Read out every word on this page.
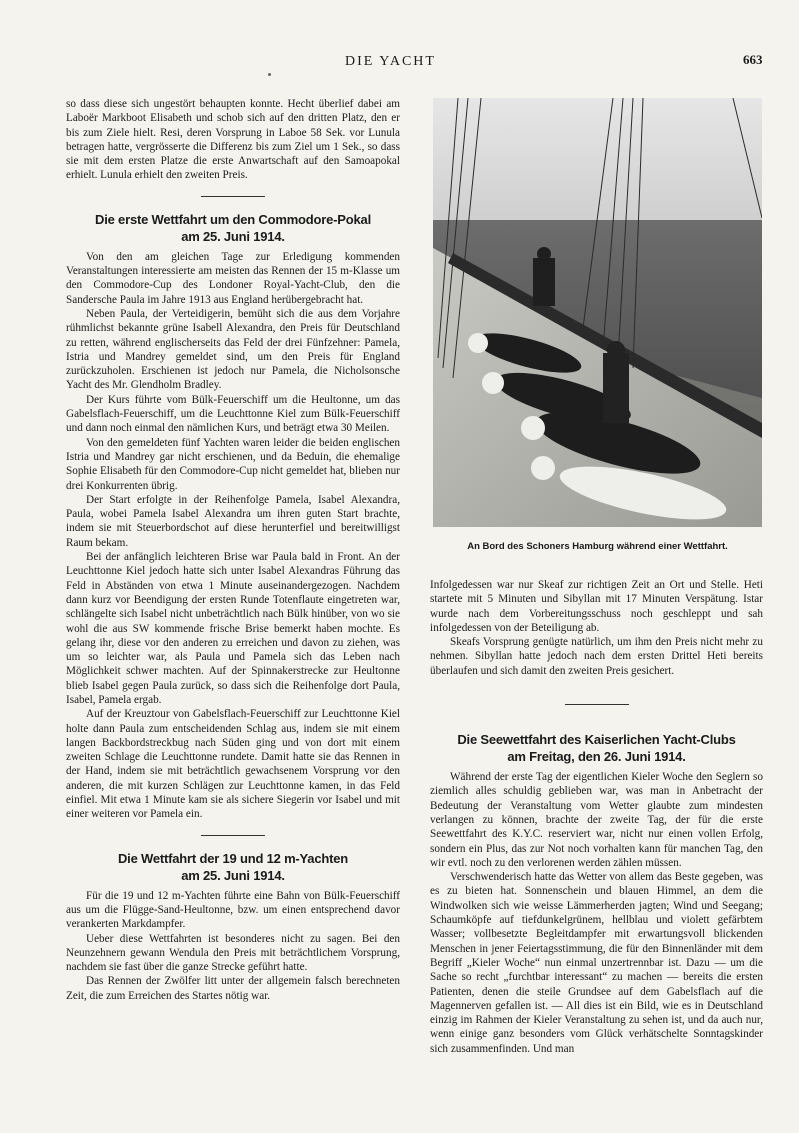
DIE YACHT	663

so dass diese sich ungestört behaupten konnte. Hecht überlief dabei am Laboër Markboot Elisabeth und schob sich auf den dritten Platz, den er bis zum Ziele hielt. Resi, deren Vorsprung in Laboe 58 Sek. vor Lunula betragen hatte, vergrösserte die Differenz bis zum Ziel um 1 Sek., so dass sie mit dem ersten Platze die erste Anwartschaft auf den Samoapokal erhielt. Lunula erhielt den zweiten Preis.

Die erste Wettfahrt um den Commodore-Pokal
am 25. Juni 1914.

Von den am gleichen Tage zur Erledigung kommenden Veranstaltungen interessierte am meisten das Rennen der 15 m-Klasse um den Commodore-Cup des Londoner Royal-Yacht-Club, den die Sandersche Paula im Jahre 1913 aus England herübergebracht hat.

Neben Paula, der Verteidigerin, bemüht sich die aus dem Vorjahre rühmlichst bekannte grüne Isabell Alexandra, den Preis für Deutschland zu retten, während englischerseits das Feld der drei Fünfzehner: Pamela, Istria und Mandrey gemeldet sind, um den Preis für England zurückzuholen. Erschienen ist jedoch nur Pamela, die Nicholsonsche Yacht des Mr. Glendholm Bradley.

Der Kurs führte vom Bülk-Feuerschiff um die Heultonne, um das Gabelsflach-Feuerschiff, um die Leuchttonne Kiel zum Bülk-Feuerschiff und dann noch einmal den nämlichen Kurs, und beträgt etwa 30 Meilen.

Von den gemeldeten fünf Yachten waren leider die beiden englischen Istria und Mandrey gar nicht erschienen, und da Beduin, die ehemalige Sophie Elisabeth für den Commodore-Cup nicht gemeldet hat, blieben nur drei Konkurrenten übrig.

Der Start erfolgte in der Reihenfolge Pamela, Isabel Alexandra, Paula, wobei Pamela Isabel Alexandra um ihren guten Start brachte, indem sie mit Steuerbordschot auf diese herunterfiel und bereitwilligst Raum bekam.

Bei der anfänglich leichteren Brise war Paula bald in Front. An der Leuchttonne Kiel jedoch hatte sich unter Isabel Alexandras Führung das Feld in Abständen von etwa 1 Minute auseinandergezogen. Nachdem dann kurz vor Beendigung der ersten Runde Totenflaute eingetreten war, schlängelte sich Isabel nicht unbeträchtlich nach Bülk hinüber, von wo sie wohl die aus SW kommende frische Brise bemerkt haben mochte. Es gelang ihr, diese vor den anderen zu erreichen und davon zu ziehen, was um so leichter war, als Paula und Pamela sich das Leben nach Möglichkeit schwer machten. Auf der Spinnakerstrecke zur Heultonne blieb Isabel gegen Paula zurück, so dass sich die Reihenfolge dort Paula, Isabel, Pamela ergab.

Auf der Kreuztour von Gabelsflach-Feuerschiff zur Leuchttonne Kiel holte dann Paula zum entscheidenden Schlag aus, indem sie mit einem langen Backbordstreckbug nach Süden ging und von dort mit einem zweiten Schlage die Leuchttonne rundete. Damit hatte sie das Rennen in der Hand, indem sie mit beträchtlich gewachsenem Vorsprung vor den anderen, die mit kurzen Schlägen zur Leuchttonne kamen, in das Feld einfiel. Mit etwa 1 Minute kam sie als sichere Siegerin vor Isabel und mit einer weiteren vor Pamela ein.

Die Wettfahrt der 19 und 12 m-Yachten
am 25. Juni 1914.

Für die 19 und 12 m-Yachten führte eine Bahn von Bülk-Feuerschiff aus um die Flügge-Sand-Heultonne, bzw. um einen entsprechend davor verankerten Markdampfer.

Ueber diese Wettfahrten ist besonderes nicht zu sagen. Bei den Neunzehnern gewann Wendula den Preis mit beträchtlichem Vorsprung, nachdem sie fast über die ganze Strecke geführt hatte.

Das Rennen der Zwölfer litt unter der allgemein falsch berechneten Zeit, die zum Erreichen des Startes nötig war.

An Bord des Schoners Hamburg während einer Wettfahrt.

Infolgedessen war nur Skeaf zur richtigen Zeit an Ort und Stelle. Heti startete mit 5 Minuten und Sibyllan mit 17 Minuten Verspätung. Istar wurde nach dem Vorbereitungsschuss noch geschleppt und sah infolgedessen von der Beteiligung ab.

Skeafs Vorsprung genügte natürlich, um ihm den Preis nicht mehr zu nehmen. Sibyllan hatte jedoch nach dem ersten Drittel Heti bereits überlaufen und sich damit den zweiten Preis gesichert.

Die Seewettfahrt des Kaiserlichen Yacht-Clubs
am Freitag, den 26. Juni 1914.

Während der erste Tag der eigentlichen Kieler Woche den Seglern so ziemlich alles schuldig geblieben war, was man in Anbetracht der Bedeutung der Veranstaltung vom Wetter glaubte zum mindesten verlangen zu können, brachte der zweite Tag, der für die erste Seewettfahrt des K.Y.C. reserviert war, nicht nur einen vollen Erfolg, sondern ein Plus, das zur Not noch vorhalten kann für manchen Tag, den wir evtl. noch zu den verlorenen werden zählen müssen.

Verschwenderisch hatte das Wetter von allem das Beste gegeben, was es zu bieten hat. Sonnenschein und blauen Himmel, an dem die Windwolken sich wie weisse Lämmerherden jagten; Wind und Seegang; Schaumköpfe auf tiefdunkelgrünem, hellblau und violett gefärbtem Wasser; vollbesetzte Begleitdampfer mit erwartungsvoll blickenden Menschen in jener Feiertagsstimmung, die für den Binnenländer mit dem Begriff „Kieler Woche“ nun einmal unzertrennbar ist. Dazu — um die Sache so recht „furchtbar interessant“ zu machen — bereits die ersten Patienten, denen die steile Grundsee auf dem Gabelsflach auf die Magennerven gefallen ist. — All dies ist ein Bild, wie es in Deutschland einzig im Rahmen der Kieler Veranstaltung zu sehen ist, und da auch nur, wenn einige ganz besonders vom Glück verhätschelte Sonntagskinder sich zusammenfinden. Und man
